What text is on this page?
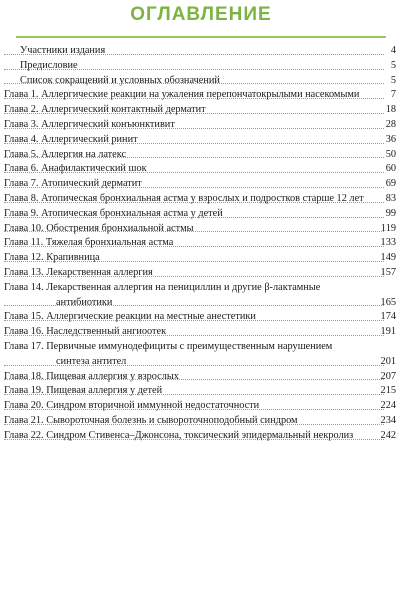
ОГЛАВЛЕНИЕ
Участники издания	4
Предисловие	5
Список сокращений и условных обозначений	5
Глава 1. Аллергические реакции на ужаления перепончатокрылыми насекомыми	7
Глава 2. Аллергический контактный дерматит	18
Глава 3. Аллергический конъюнктивит	28
Глава 4. Аллергический ринит	36
Глава 5. Аллергия на латекс	50
Глава 6. Анафилактический шок	60
Глава 7. Атопический дерматит	69
Глава 8. Атопическая бронхиальная астма у взрослых и подростков старше 12 лет 83
Глава 9. Атопическая бронхиальная астма у детей	99
Глава 10. Обострения бронхиальной астмы	119
Глава 11. Тяжелая бронхиальная астма	133
Глава 12. Крапивница	149
Глава 13. Лекарственная аллергия	157
Глава 14. Лекарственная аллергия на пенициллин и другие β-лактамные
антибиотики	165
Глава 15. Аллергические реакции на местные анестетики	174
Глава 16. Наследственный ангиоотек	191
Глава 17. Первичные иммунодефициты с преимущественным нарушением
синтеза антител	201
Глава 18. Пищевая аллергия у взрослых	207
Глава 19. Пищевая аллергия у детей	215
Глава 20. Синдром вторичной иммунной недостаточности	224
Глава 21. Сывороточная болезнь и сывороточноподобный синдром	234
Глава 22. Синдром Стивенса–Джонсона, токсический эпидермальный некролиз	242
